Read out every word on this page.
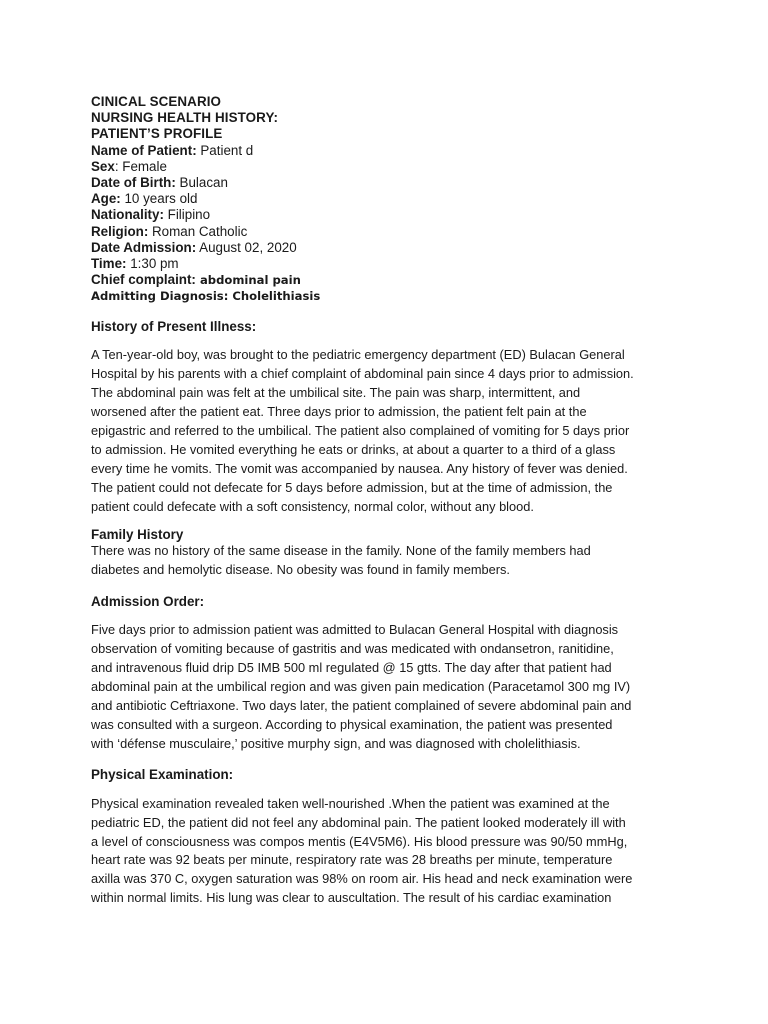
CINICAL SCENARIO
NURSING HEALTH HISTORY:
PATIENT’S PROFILE
Name of Patient: Patient d
Sex: Female
Date of Birth: Bulacan
Age: 10 years old
Nationality: Filipino
Religion: Roman Catholic
Date Admission: August 02, 2020
Time: 1:30 pm
Chief complaint: abdominal pain
Admitting Diagnosis: Cholelithiasis
History of Present Illness:
A Ten-year-old boy, was brought to the pediatric emergency department (ED) Bulacan General
Hospital by his parents with a chief complaint of abdominal pain since 4 days prior to admission.
The abdominal pain was felt at the umbilical site. The pain was sharp, intermittent, and
worsened after the patient eat. Three days prior to admission, the patient felt pain at the
epigastric and referred to the umbilical. The patient also complained of vomiting for 5 days prior
to admission. He vomited everything he eats or drinks, at about a quarter to a third of a glass
every time he vomits. The vomit was accompanied by nausea. Any history of fever was denied.
The patient could not defecate for 5 days before admission, but at the time of admission, the
patient could defecate with a soft consistency, normal color, without any blood.
Family History
There was no history of the same disease in the family. None of the family members had
diabetes and hemolytic disease. No obesity was found in family members.
Admission Order:
Five days prior to admission patient was admitted to Bulacan General Hospital with diagnosis
observation of vomiting because of gastritis and was medicated with ondansetron, ranitidine,
and intravenous fluid drip D5 IMB 500 ml regulated @ 15 gtts. The day after that patient had
abdominal pain at the umbilical region and was given pain medication (Paracetamol 300 mg IV)
and antibiotic Ceftriaxone. Two days later, the patient complained of severe abdominal pain and
was consulted with a surgeon. According to physical examination, the patient was presented
with ‘défense musculaire,’ positive murphy sign, and was diagnosed with cholelithiasis.
Physical Examination:
Physical examination revealed taken well-nourished .When the patient was examined at the
pediatric ED, the patient did not feel any abdominal pain. The patient looked moderately ill with
a level of consciousness was compos mentis (E4V5M6). His blood pressure was 90/50 mmHg,
heart rate was 92 beats per minute, respiratory rate was 28 breaths per minute, temperature
axilla was 370 C, oxygen saturation was 98% on room air. His head and neck examination were
within normal limits. His lung was clear to auscultation. The result of his cardiac examination
